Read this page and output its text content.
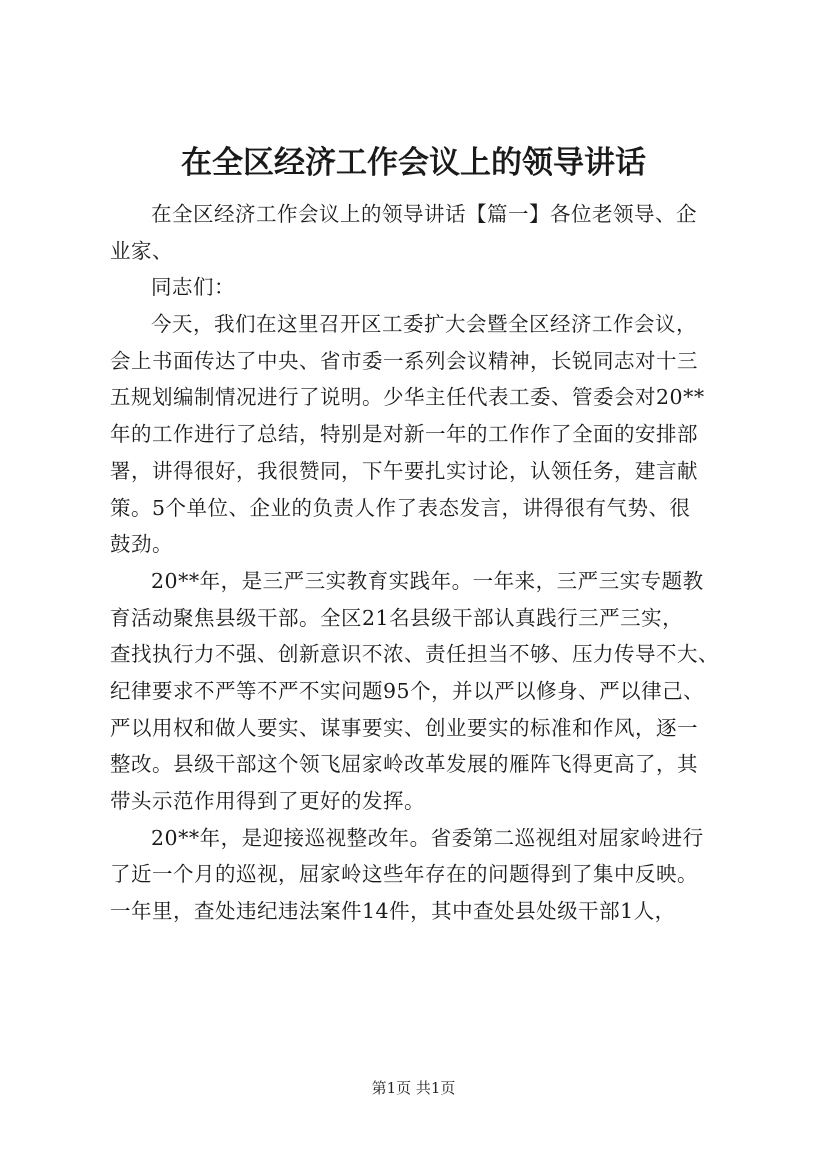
在全区经济工作会议上的领导讲话
在全区经济工作会议上的领导讲话【篇一】各位老领导、企
业家、
同志们：
今天，我们在这里召开区工委扩大会暨全区经济工作会议，
会上书面传达了中央、省市委一系列会议精神，长锐同志对十三
五规划编制情况进行了说明。少华主任代表工委、管委会对20**
年的工作进行了总结，特别是对新一年的工作作了全面的安排部
署，讲得很好，我很赞同，下午要扎实讨论，认领任务，建言献
策。5个单位、企业的负责人作了表态发言，讲得很有气势、很
鼓劲。
20**年，是三严三实教育实践年。一年来，三严三实专题教
育活动聚焦县级干部。全区21名县级干部认真践行三严三实，
查找执行力不强、创新意识不浓、责任担当不够、压力传导不大、
纪律要求不严等不严不实问题95个，并以严以修身、严以律己、
严以用权和做人要实、谋事要实、创业要实的标准和作风，逐一
整改。县级干部这个领飞屈家岭改革发展的雁阵飞得更高了，其
带头示范作用得到了更好的发挥。
20**年，是迎接巡视整改年。省委第二巡视组对屈家岭进行
了近一个月的巡视，屈家岭这些年存在的问题得到了集中反映。
一年里，查处违纪违法案件14件，其中查处县处级干部1人，
第1页 共1页
